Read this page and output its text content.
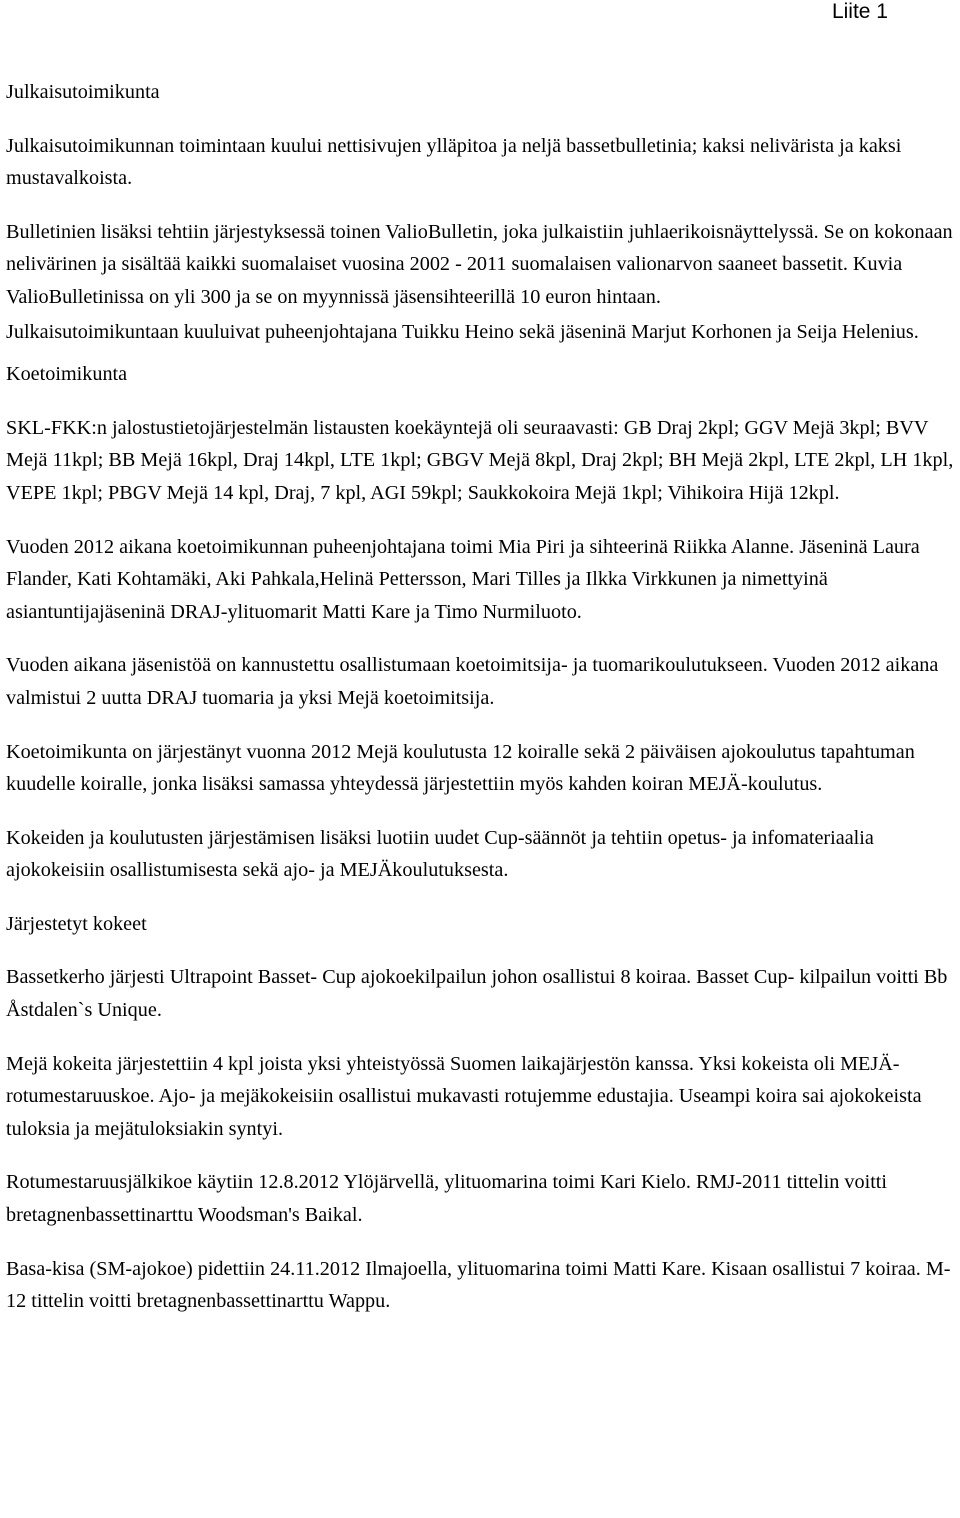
Liite 1

Julkaisutoimikunta

Julkaisutoimikunnan toimintaan kuului nettisivujen ylläpitoa ja neljä bassetbulletinia; kaksi nelivärista ja kaksi mustavalkoista.

Bulletinien lisäksi tehtiin järjestyksessä toinen ValioBulletin, joka julkaistiin juhlaerikoisnäyttelyssä. Se on kokonaan nelivärinen ja sisältää kaikki suomalaiset vuosina 2002 - 2011 suomalaisen valionarvon saaneet bassetit. Kuvia ValioBulletinissa on yli 300 ja se on myynnissä jäsensihteerillä 10 euron hintaan.

Julkaisutoimikuntaan kuuluivat puheenjohtajana Tuikku Heino sekä jäseninä Marjut Korhonen ja Seija Helenius.

Koetoimikunta

SKL-FKK:n jalostustietojärjestelmän listausten koekäyntejä oli seuraavasti: GB Draj 2kpl; GGV Mejä 3kpl; BVV Mejä 11kpl; BB Mejä 16kpl, Draj 14kpl, LTE 1kpl; GBGV Mejä 8kpl, Draj 2kpl; BH Mejä 2kpl, LTE 2kpl, LH 1kpl, VEPE 1kpl; PBGV Mejä 14 kpl, Draj, 7 kpl, AGI 59kpl; Saukkokoira Mejä 1kpl; Vihikoira Hijä 12kpl.

Vuoden 2012 aikana koetoimikunnan puheenjohtajana toimi Mia Piri ja sihteerinä Riikka Alanne. Jäseninä Laura Flander, Kati Kohtamäki, Aki Pahkala,Helinä Pettersson, Mari Tilles ja Ilkka Virkkunen ja nimettyinä asiantuntijajäseninä DRAJ-ylituomarit Matti Kare ja Timo Nurmiluoto.

Vuoden aikana jäsenistöä on kannustettu osallistumaan koetoimitsija- ja tuomarikoulutukseen. Vuoden 2012 aikana valmistui 2 uutta DRAJ tuomaria ja yksi Mejä koetoimitsija.

Koetoimikunta on järjestänyt vuonna 2012 Mejä koulutusta 12 koiralle sekä 2 päiväisen ajokoulutus tapahtuman kuudelle koiralle, jonka lisäksi samassa yhteydessä järjestettiin myös kahden koiran MEJÄ-koulutus.

Kokeiden ja koulutusten järjestämisen lisäksi luotiin uudet Cup-säännöt ja tehtiin opetus- ja infomateriaalia ajokokeisiin osallistumisesta sekä ajo- ja MEJÄkoulutuksesta.

Järjestetyt kokeet

Bassetkerho järjesti Ultrapoint Basset- Cup ajokoekilpailun johon osallistui 8 koiraa. Basset Cup- kilpailun voitti Bb Åstdalen`s Unique.

Mejä kokeita järjestettiin 4 kpl joista yksi yhteistyössä Suomen laikajärjestön kanssa. Yksi kokeista oli MEJÄ-rotumestaruuskoe. Ajo- ja mejäkokeisiin osallistui mukavasti rotujemme edustajia. Useampi koira sai ajokokeista tuloksia ja mejätuloksiakin syntyi.

Rotumestaruusjälkikoe käytiin 12.8.2012 Ylöjärvellä, ylituomarina toimi Kari Kielo. RMJ-2011 tittelin voitti bretagnenbassettinarttu Woodsman's Baikal.

Basa-kisa (SM-ajokoe) pidettiin 24.11.2012 Ilmajoella, ylituomarina toimi Matti Kare. Kisaan osallistui 7 koiraa. M-12 tittelin voitti bretagnenbassettinarttu Wappu.
